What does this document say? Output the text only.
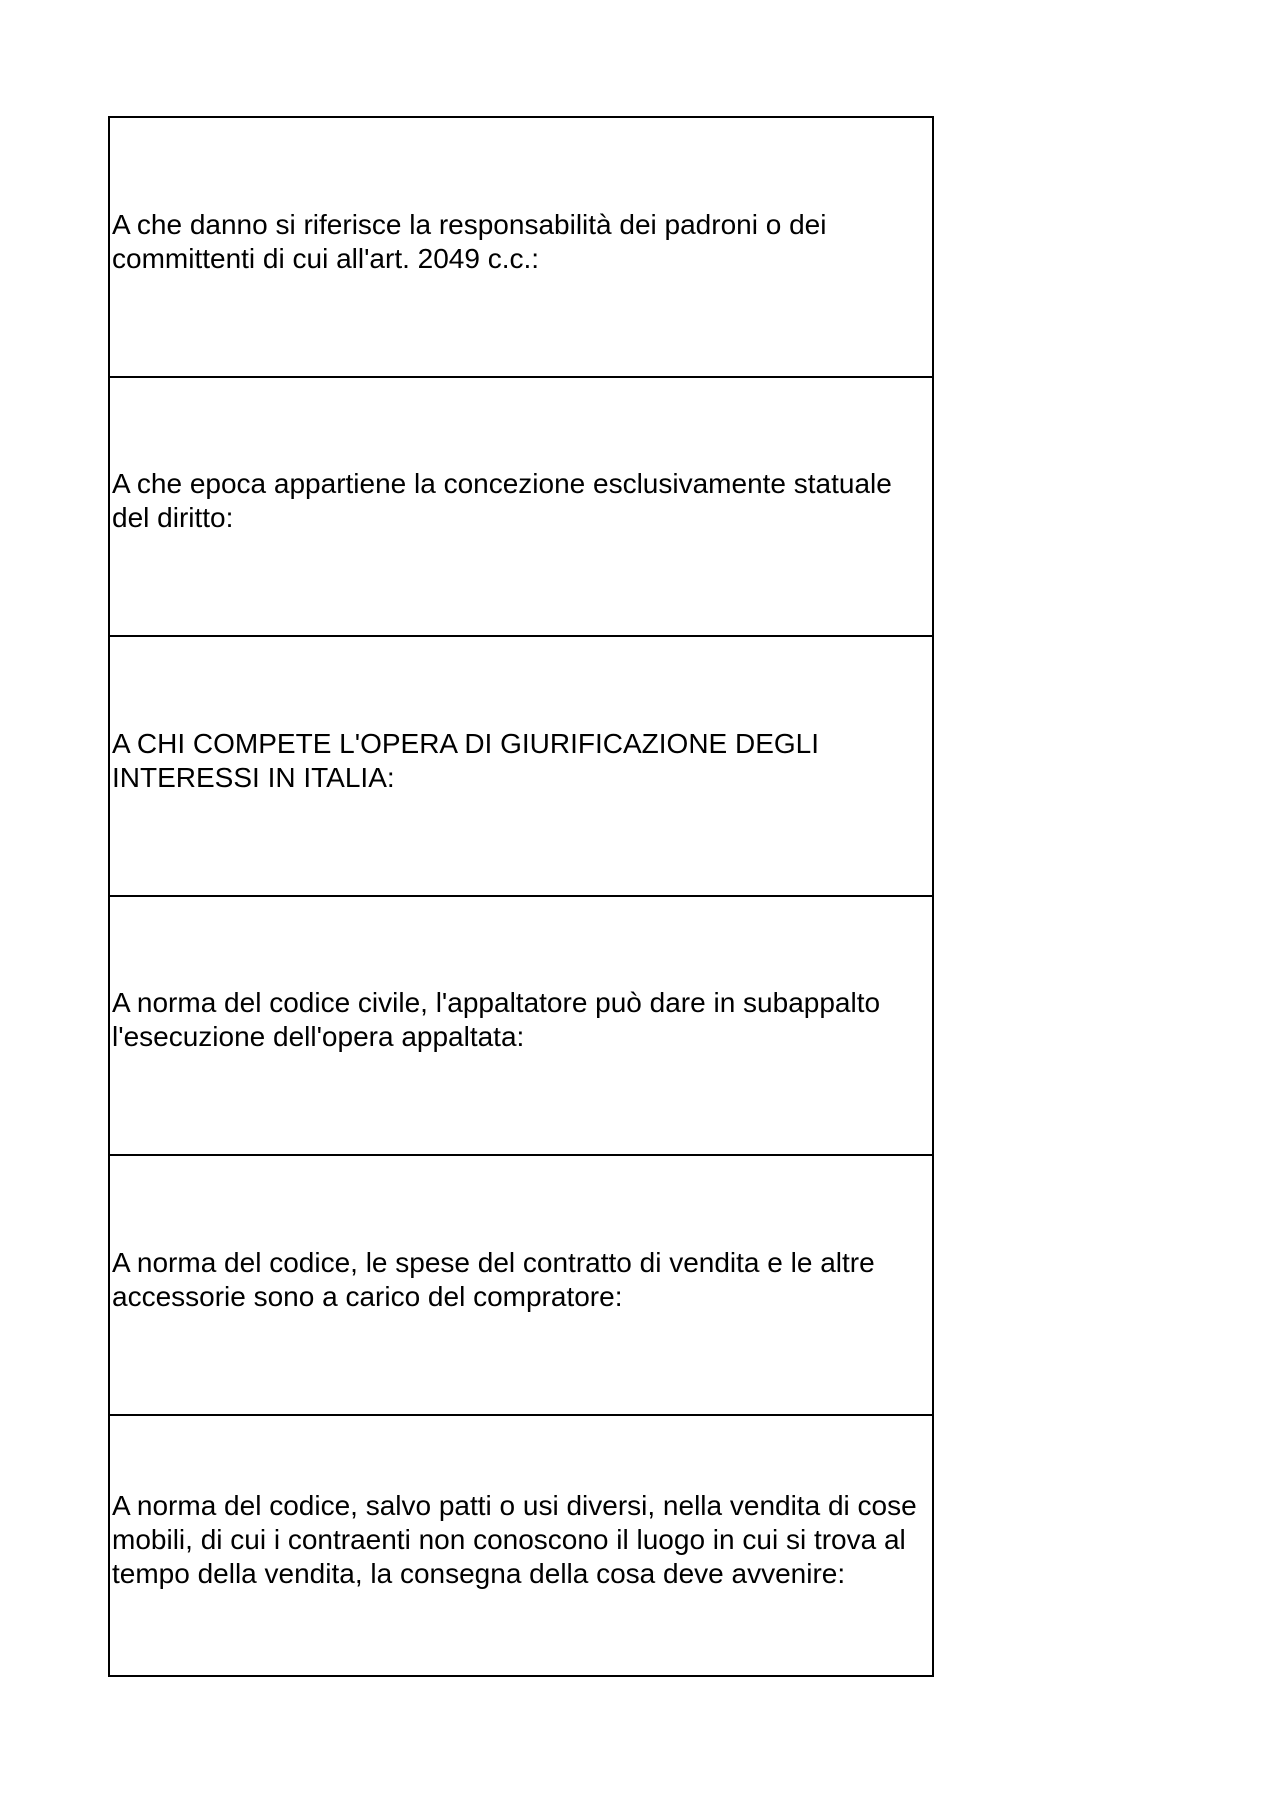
A che danno si riferisce la responsabilità dei padroni o dei committenti di cui all'art. 2049 c.c.:
A che epoca appartiene la concezione esclusivamente statuale del diritto:
A CHI COMPETE L'OPERA DI GIURIFICAZIONE DEGLI INTERESSI IN ITALIA:
A norma del codice civile, l'appaltatore può dare in subappalto l'esecuzione dell'opera appaltata:
A norma del codice, le spese del contratto di vendita e le altre accessorie sono a carico del compratore:
A norma del codice, salvo patti o usi diversi, nella vendita di cose mobili, di cui i contraenti non conoscono il luogo in cui si trova al tempo della vendita, la consegna della cosa deve avvenire:
